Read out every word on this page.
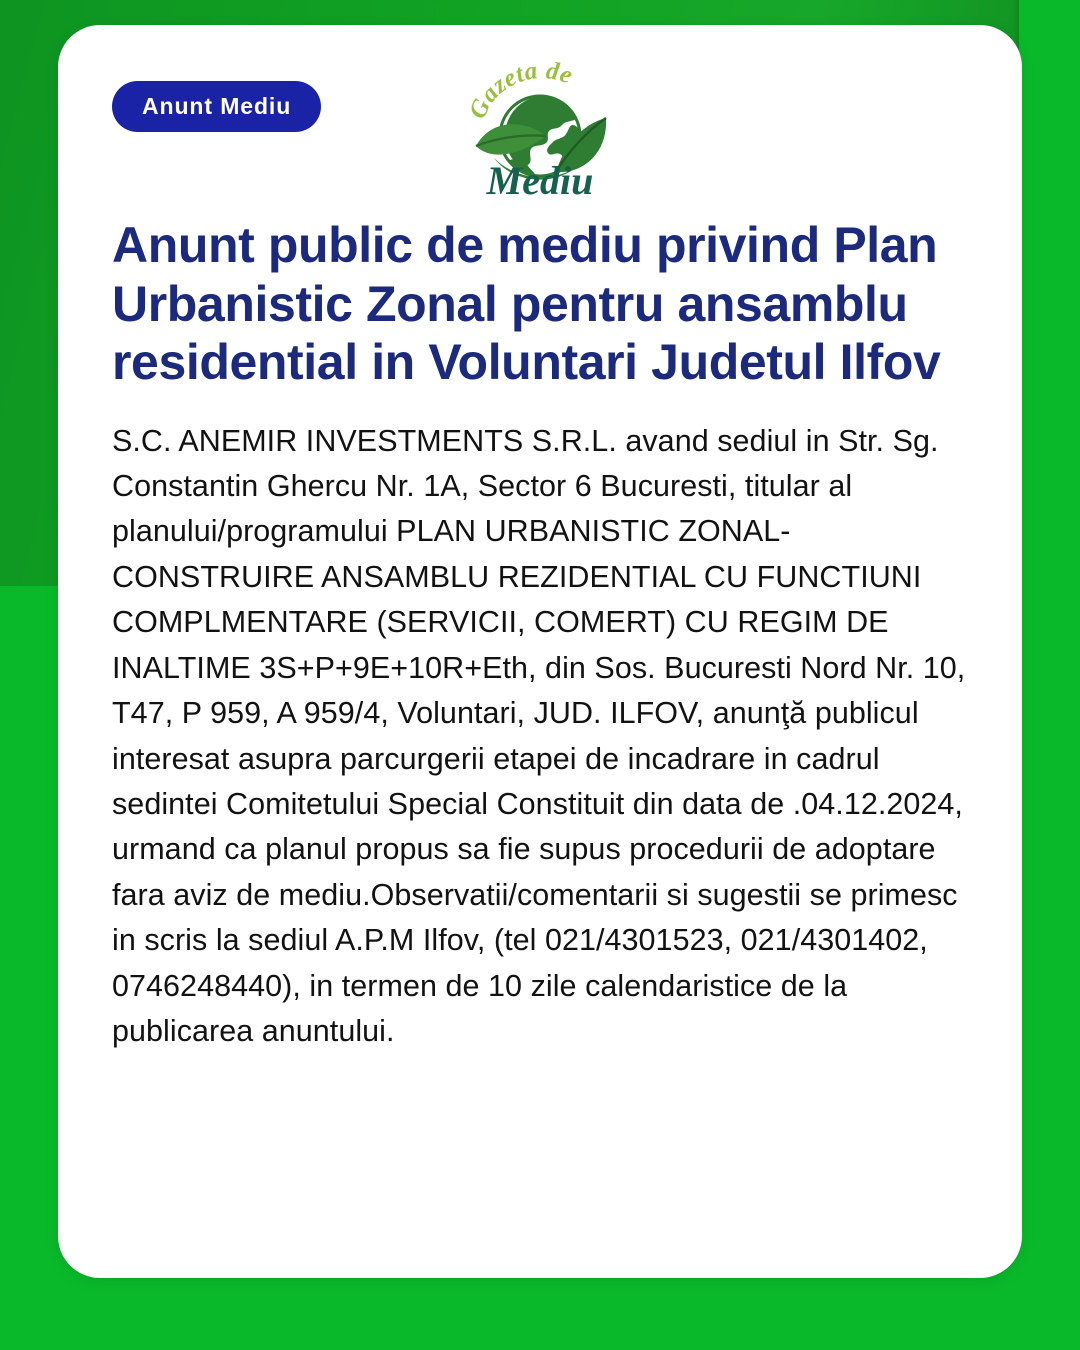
Anunt Mediu	Gazeta de
Mediu
Anunt public de mediu privind Plan Urbanistic Zonal pentru ansamblu residential in Voluntari Judetul Ilfov

S.C. ANEMIR INVESTMENTS S.R.L. avand sediul in Str. Sg. Constantin Ghercu Nr. 1A, Sector 6 Bucuresti, titular al planului/programului PLAN URBANISTIC ZONAL-CONSTRUIRE ANSAMBLU REZIDENTIAL CU FUNCTIUNI COMPLMENTARE (SERVICII, COMERT) CU REGIM DE INALTIME 3S+P+9E+10R+Eth, din Sos. Bucuresti Nord Nr. 10, T47, P 959, A 959/4, Voluntari, JUD. ILFOV, anunţă publicul interesat asupra parcurgerii etapei de incadrare in cadrul sedintei Comitetului Special Constituit din data de .04.12.2024, urmand ca planul propus sa fie supus procedurii de adoptare fara aviz de mediu.Observatii/comentarii si sugestii se primesc in scris la sediul A.P.M Ilfov, (tel 021/4301523, 021/4301402, 0746248440), in termen de 10 zile calendaristice de la publicarea anuntului.
